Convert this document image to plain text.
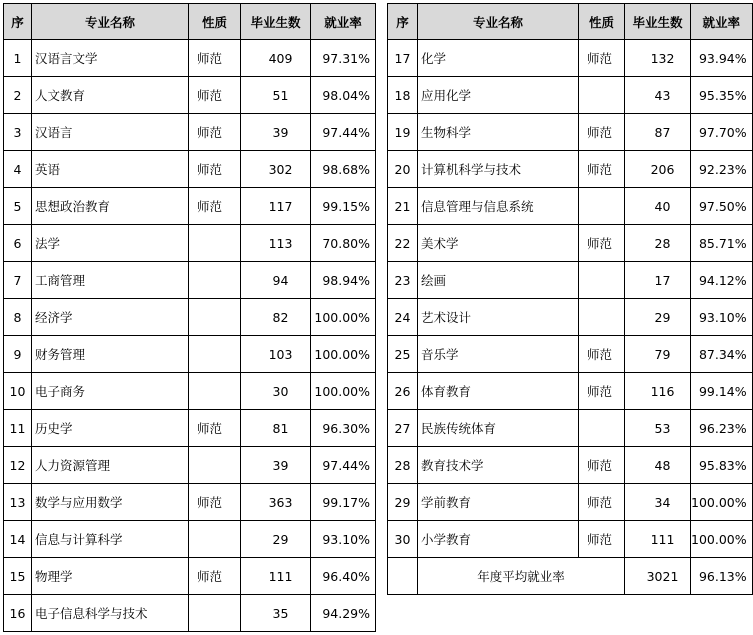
序	专业名称	性质	毕业生数	就业率
1	汉语言文学	师范	409	97.31%
2	人文教育	师范	51	98.04%
3	汉语言	师范	39	97.44%
4	英语	师范	302	98.68%
5	思想政治教育	师范	117	99.15%
6	法学		113	70.80%
7	工商管理		94	98.94%
8	经济学		82	100.00%
9	财务管理		103	100.00%
10	电子商务		30	100.00%
11	历史学	师范	81	96.30%
12	人力资源管理		39	97.44%
13	数学与应用数学	师范	363	99.17%
14	信息与计算科学		29	93.10%
15	物理学	师范	111	96.40%
16	电子信息科学与技术		35	94.29%
序	专业名称	性质	毕业生数	就业率
17	化学	师范	132	93.94%
18	应用化学		43	95.35%
19	生物科学	师范	87	97.70%
20	计算机科学与技术	师范	206	92.23%
21	信息管理与信息系统		40	97.50%
22	美术学	师范	28	85.71%
23	绘画		17	94.12%
24	艺术设计		29	93.10%
25	音乐学	师范	79	87.34%
26	体育教育	师范	116	99.14%
27	民族传统体育		53	96.23%
28	教育技术学	师范	48	95.83%
29	学前教育	师范	34	100.00%
30	小学教育	师范	111	100.00%
	年度平均就业率		3021	96.13%
